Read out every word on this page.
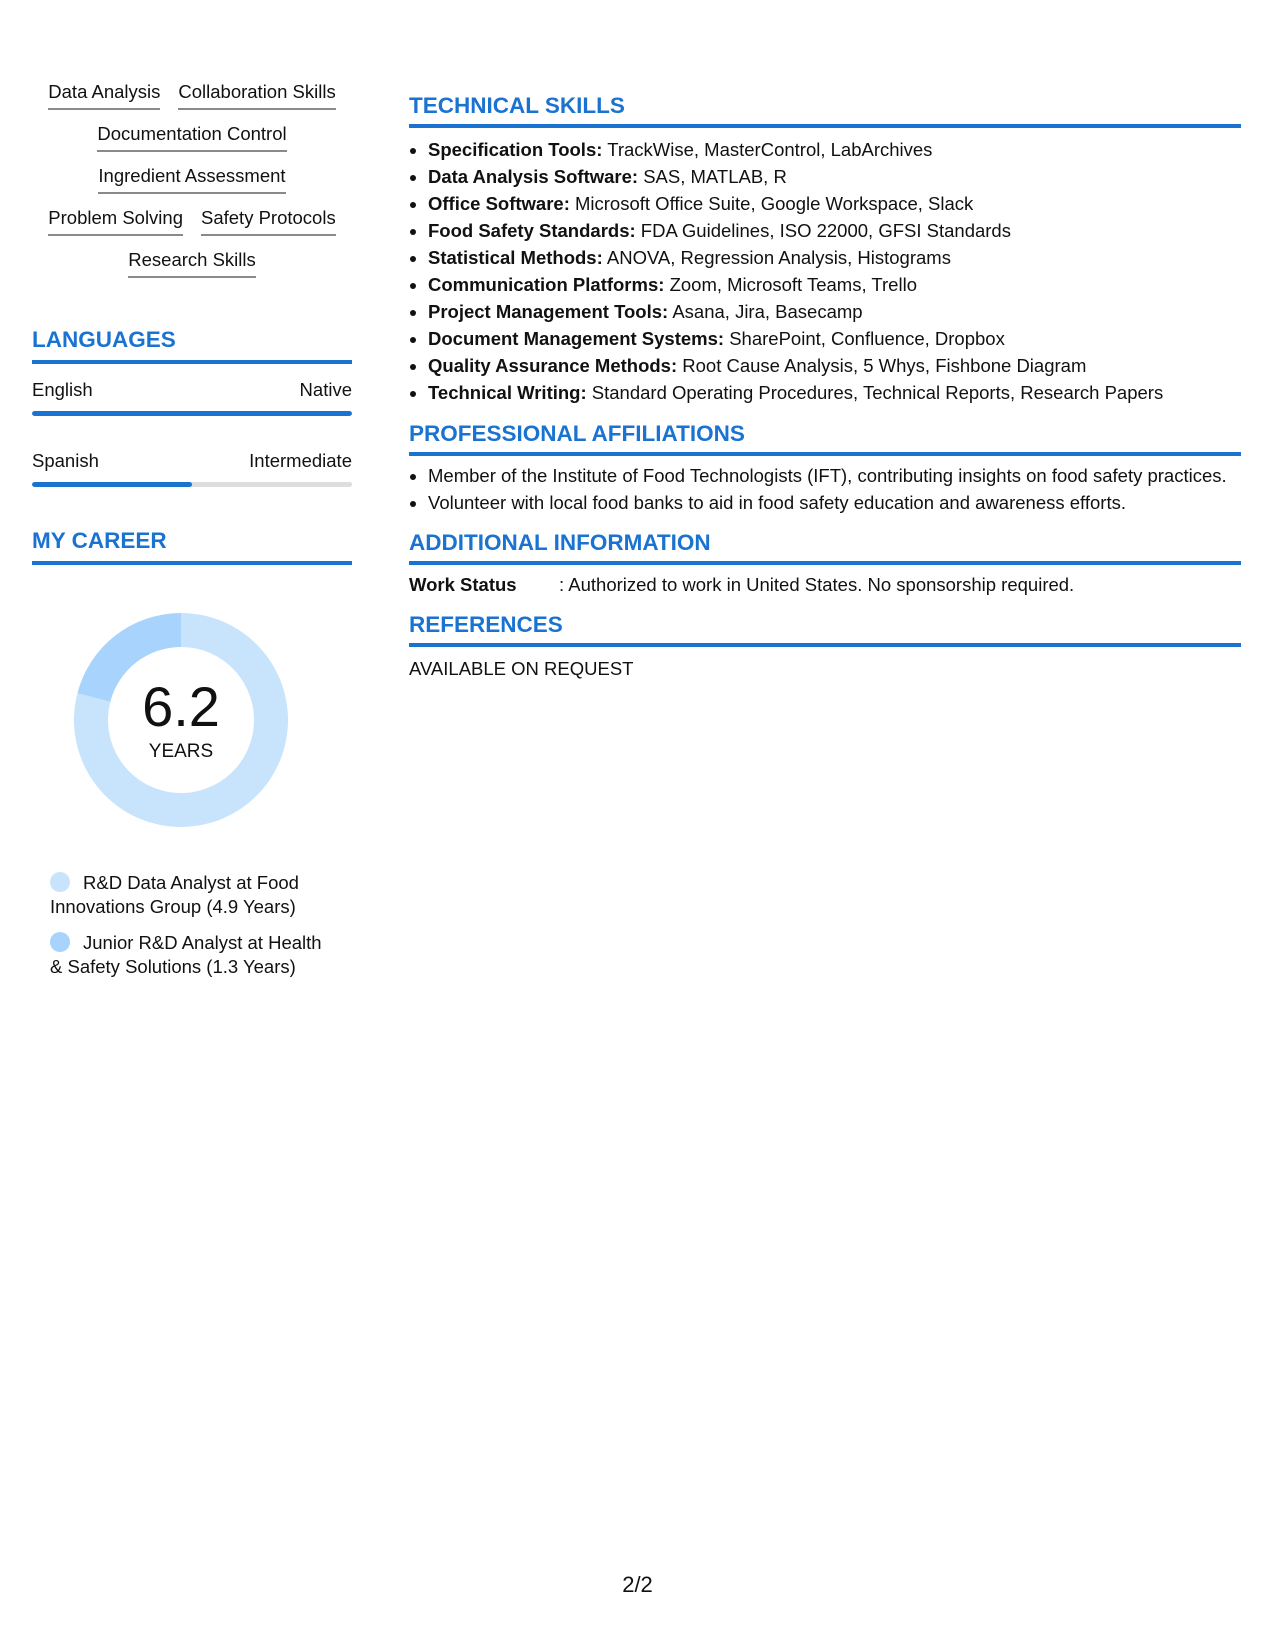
Data Analysis Collaboration Skills
Documentation Control
Ingredient Assessment
Problem Solving Safety Protocols
Research Skills
LANGUAGES
English	Native
Spanish	Intermediate
MY CAREER
6.2
YEARS
R&D Data Analyst at Food Innovations Group (4.9 Years)
Junior R&D Analyst at Health & Safety Solutions (1.3 Years)
TECHNICAL SKILLS
• Specification Tools: TrackWise, MasterControl, LabArchives
• Data Analysis Software: SAS, MATLAB, R
• Office Software: Microsoft Office Suite, Google Workspace, Slack
• Food Safety Standards: FDA Guidelines, ISO 22000, GFSI Standards
• Statistical Methods: ANOVA, Regression Analysis, Histograms
• Communication Platforms: Zoom, Microsoft Teams, Trello
• Project Management Tools: Asana, Jira, Basecamp
• Document Management Systems: SharePoint, Confluence, Dropbox
• Quality Assurance Methods: Root Cause Analysis, 5 Whys, Fishbone Diagram
• Technical Writing: Standard Operating Procedures, Technical Reports, Research Papers
PROFESSIONAL AFFILIATIONS
• Member of the Institute of Food Technologists (IFT), contributing insights on food safety practices.
• Volunteer with local food banks to aid in food safety education and awareness efforts.
ADDITIONAL INFORMATION
Work Status	: Authorized to work in United States. No sponsorship required.
REFERENCES
AVAILABLE ON REQUEST
2/2
